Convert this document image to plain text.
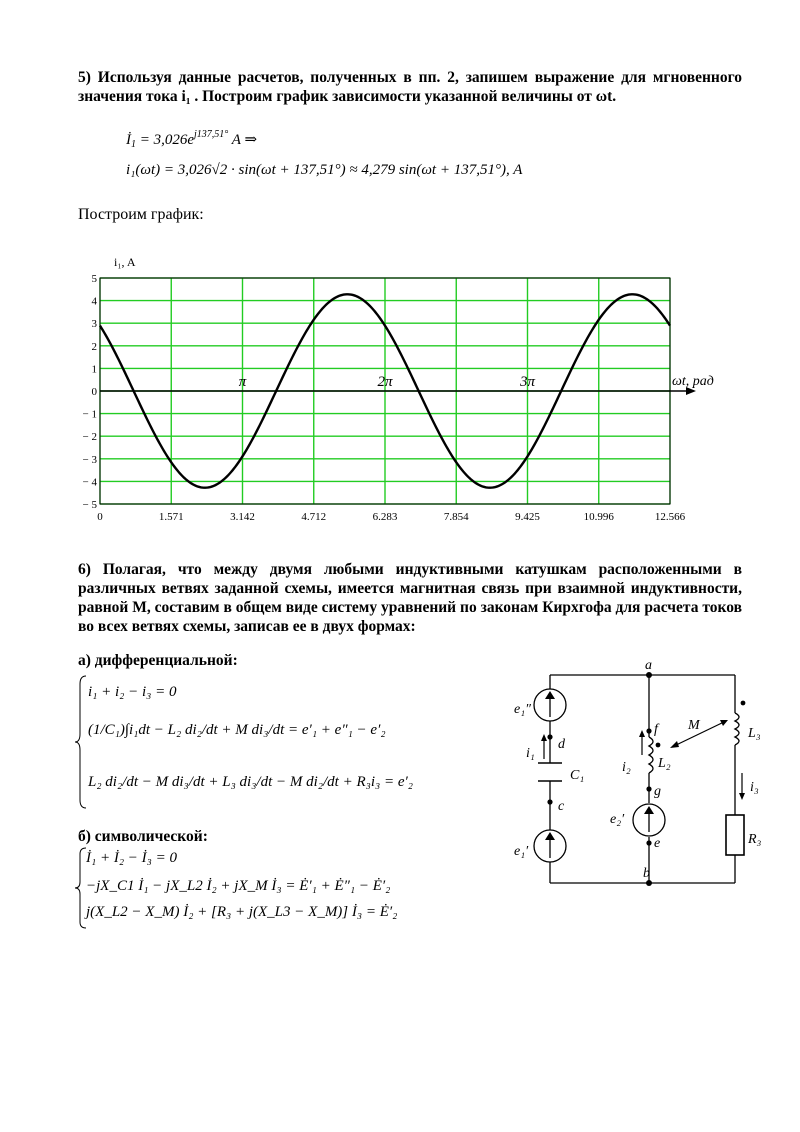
5) Используя данные расчетов, полученных в пп. 2, запишем выражение для мгновенного значения тока i₁ . Построим график зависимости указанной величины от ωt.
$İ_1 = 3,026e^{j137,51^\circ}$ A ⇒
i₁(ωt) = 3,026√2 · sin(ωt + 137,51°) ≈ 4,279 sin(ωt + 137,51°), A
Построим график:
0	1.571	3.142	4.712	6.283	7.854	9.425	10.996	12.566
5
4
3
2
1
0
− 1
− 2
− 3
− 4
− 5
i₁, A
ωt, рад
π	2π	3π
6) Полагая, что между двумя любыми индуктивными катушкам расположенными в различных ветвях заданной схемы, имеется магнитная связь при взаимной индуктивности, равной M, составим в общем виде систему уравнений по законам Кирхгофа для расчета токов во всех ветвях схемы, записав ее в двух формах:
а) дифференциальной:
i₁ + i₂ − i₃ = 0
(1/C₁)∫i₁dt − L₂ di₂/dt + M di₃/dt = e′₁ + e″₁ − e′₂
L₂ di₂/dt − M di₃/dt + L₃ di₃/dt − M di₂/dt + R₃i₃ = e′₂
б) символической:
İ₁ + İ₂ − İ₃ = 0
−jX_C1 İ₁ − jX_L2 İ₂ + jX_M İ₃ = Ė′₁ + Ė″₁ − Ė′₂
j(X_L2 − X_M) İ₂ + [R₃ + j(X_L3 − X_M)] İ₃ = Ė′₂
a
b
c
d
e
f
g
e₁″
e₁′
e₂′
i₁
i₂
i₃
C₁
L₂
L₃
R₃
M
